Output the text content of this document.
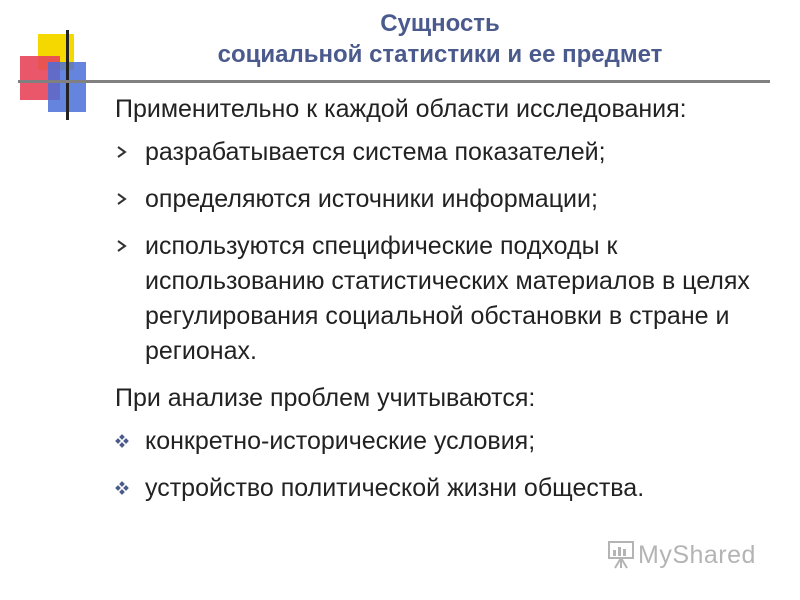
Сущность
социальной статистики и ее предмет

Применительно к каждой области исследования:

разрабатывается система показателей;
определяются источники информации;
используются специфические подходы к использованию статистических материалов в целях регулирования социальной обстановки в стране и регионах.

При анализе проблем учитываются:

конкретно-исторические условия;
устройство политической жизни общества.
MyShared
